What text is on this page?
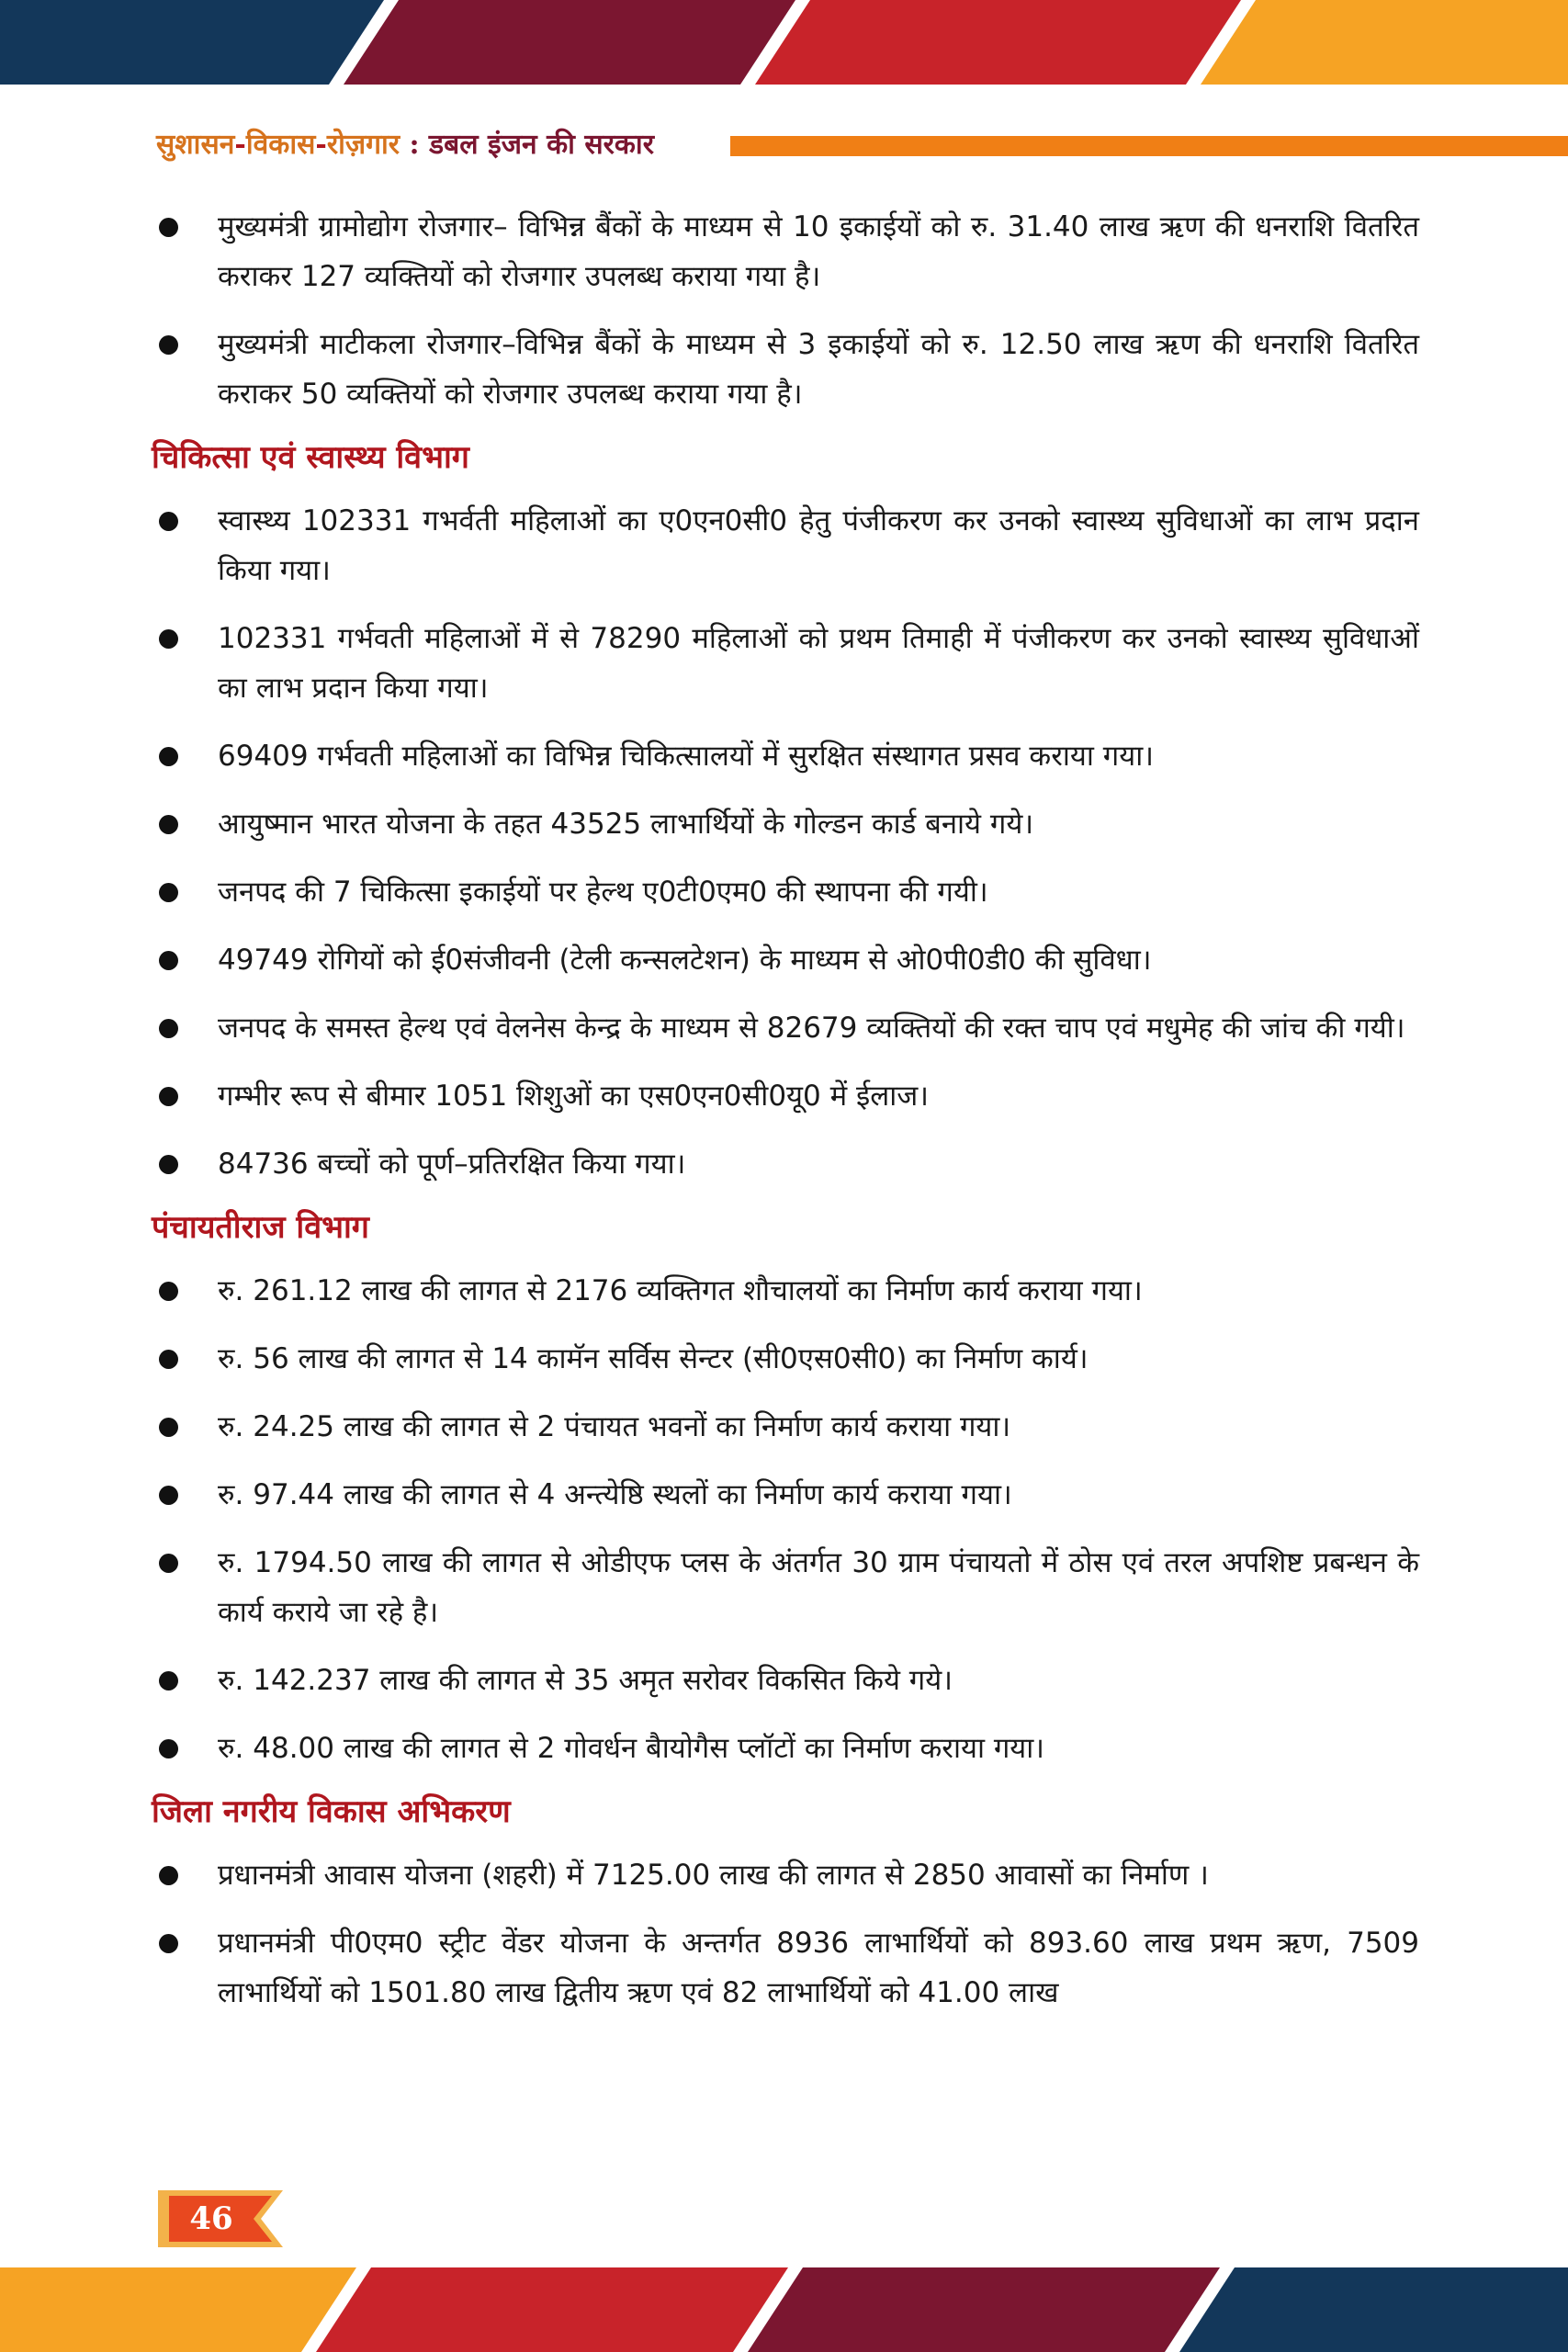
सुशासन-विकास-रोज़गार : डबल इंजन की सरकार
मुख्यमंत्री ग्रामोद्योग रोजगार– विभिन्न बैंकों के माध्यम से 10 इकाईयों को रु. 31.40 लाख ऋण की धनराशि वितरित कराकर 127 व्यक्तियों को रोजगार उपलब्ध कराया गया है।
मुख्यमंत्री माटीकला रोजगार–विभिन्न बैंकों के माध्यम से 3 इकाईयों को रु. 12.50 लाख ऋण की धनराशि वितरित कराकर 50 व्यक्तियों को रोजगार उपलब्ध कराया गया है।
चिकित्सा एवं स्वास्थ्य विभाग
स्वास्थ्य 102331 गभर्वती महिलाओं का ए0एन0सी0 हेतु पंजीकरण कर उनको स्वास्थ्य सुविधाओं का लाभ प्रदान किया गया।
102331 गर्भवती महिलाओं में से 78290 महिलाओं को प्रथम तिमाही में पंजीकरण कर उनको स्वास्थ्य सुविधाओं का लाभ प्रदान किया गया।
69409 गर्भवती महिलाओं का विभिन्न चिकित्सालयों में सुरक्षित संस्थागत प्रसव कराया गया।
आयुष्मान भारत योजना के तहत 43525 लाभार्थियों के गोल्डन कार्ड बनाये गये।
जनपद की 7 चिकित्सा इकाईयों पर हेल्थ ए0टी0एम0 की स्थापना की गयी।
49749 रोगियों को ई0संजीवनी (टेली कन्सलटेशन) के माध्यम से ओ0पी0डी0 की सुविधा।
जनपद के समस्त हेल्थ एवं वेलनेस केन्द्र के माध्यम से 82679 व्यक्तियों की रक्त चाप एवं मधुमेह की जांच की गयी।
गम्भीर रूप से बीमार 1051 शिशुओं का एस0एन0सी0यू0 में ईलाज।
84736 बच्चों को पूर्ण–प्रतिरक्षित किया गया।
पंचायतीराज विभाग
रु. 261.12 लाख की लागत से 2176 व्यक्तिगत शौचालयों का निर्माण कार्य कराया गया।
रु. 56 लाख की लागत से 14 कामॅन सर्विस सेन्टर (सी0एस0सी0) का निर्माण कार्य।
रु. 24.25 लाख की लागत से 2 पंचायत भवनों का निर्माण कार्य कराया गया।
रु. 97.44 लाख की लागत से 4 अन्त्येष्ठि स्थलों का निर्माण कार्य कराया गया।
रु. 1794.50 लाख की लागत से ओडीएफ प्लस के अंतर्गत 30 ग्राम पंचायतो में ठोस एवं तरल अपशिष्ट प्रबन्धन के कार्य कराये जा रहे है।
रु. 142.237 लाख की लागत से 35 अमृत सरोवर विकसित किये गये।
रु. 48.00 लाख की लागत से 2 गोवर्धन बैायोगैस प्लॉटों का निर्माण कराया गया।
जिला नगरीय विकास अभिकरण
प्रधानमंत्री आवास योजना (शहरी) में 7125.00 लाख की लागत से 2850 आवासों का निर्माण ।
प्रधानमंत्री पी0एम0 स्ट्रीट वेंडर योजना के अन्तर्गत 8936 लाभार्थियों को 893.60 लाख प्रथम ऋण, 7509 लाभार्थियों को 1501.80 लाख द्वितीय ऋण एवं 82 लाभार्थियों को 41.00 लाख
46
